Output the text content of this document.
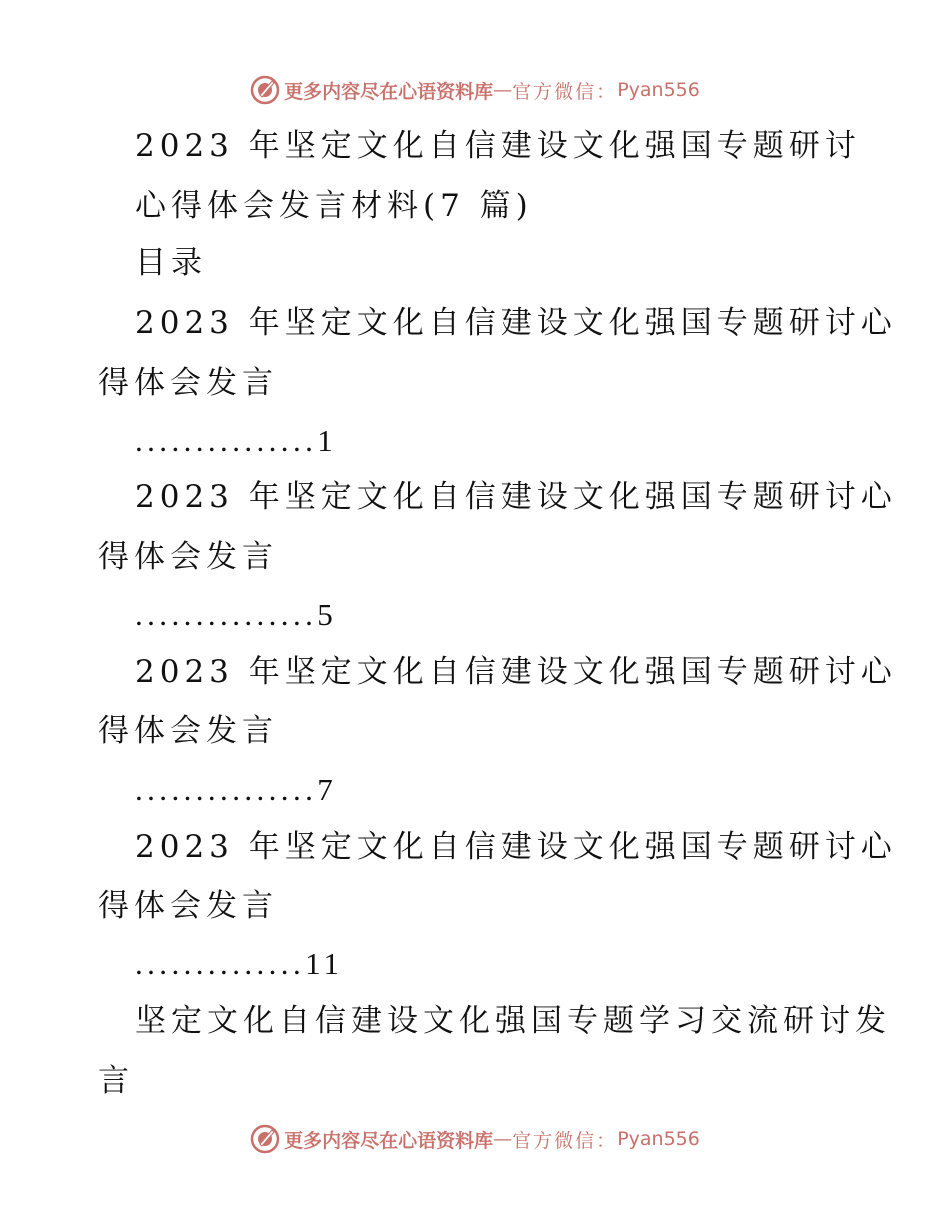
更多内容尽在心语资料库 — 官方微信： Pyan556
2023 年坚定文化自信建设文化强国专题研讨
心得体会发言材料(7 篇)
目录
2023 年坚定文化自信建设文化强国专题研讨心
得体会发言
...............1
2023 年坚定文化自信建设文化强国专题研讨心
得体会发言
...............5
2023 年坚定文化自信建设文化强国专题研讨心
得体会发言
...............7
2023 年坚定文化自信建设文化强国专题研讨心
得体会发言
..............11
坚定文化自信建设文化强国专题学习交流研讨发
言
更多内容尽在心语资料库 — 官方微信： Pyan556
